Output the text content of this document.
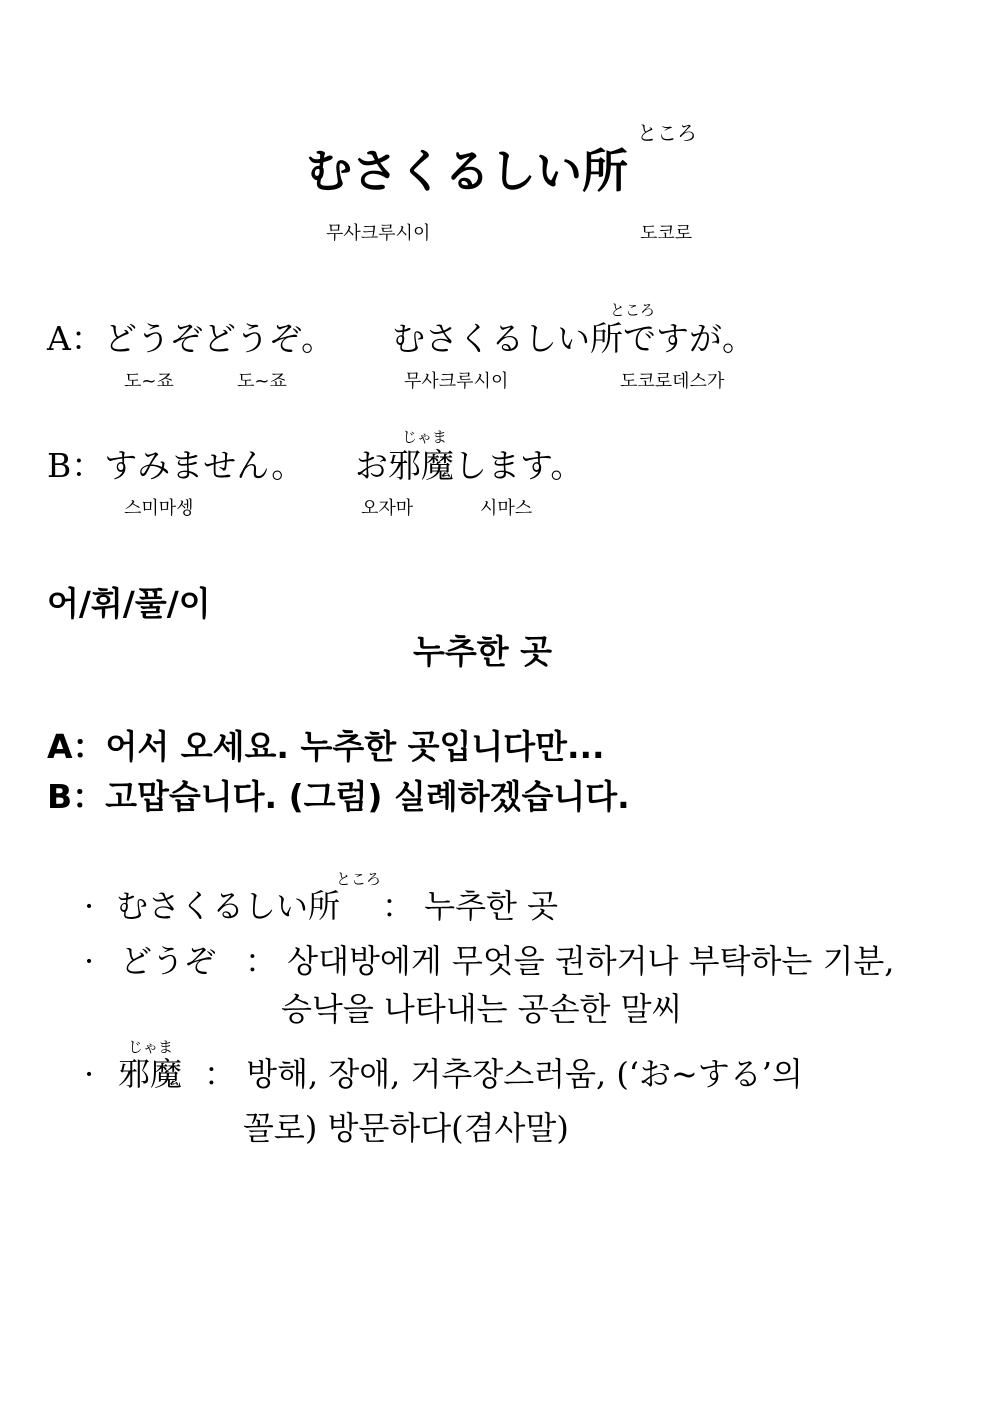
ところ
むさくるしい所
무사크루시이	도코로
ところ
A：どうぞどうぞ。 むさくるしい所ですが。
도~죠	도~죠	무사크루시이	도코로데스가
じゃま
B：すみません。 お邪魔します。
스미마셍	오자마	시마스
어/휘/풀/이
누추한 곳
A：어서 오세요. 누추한 곳입니다만...
B：고맙습니다. (그럼) 실례하겠습니다.
ところ
· むさくるしい所 ： 누추한 곳
· どうぞ ： 상대방에게 무엇을 권하거나 부탁하는 기분,
승낙을 나타내는 공손한 말씨
じゃま
· 邪魔 ： 방해, 장애, 거추장스러움, (‘お~する’의
꼴로) 방문하다(겸사말)
